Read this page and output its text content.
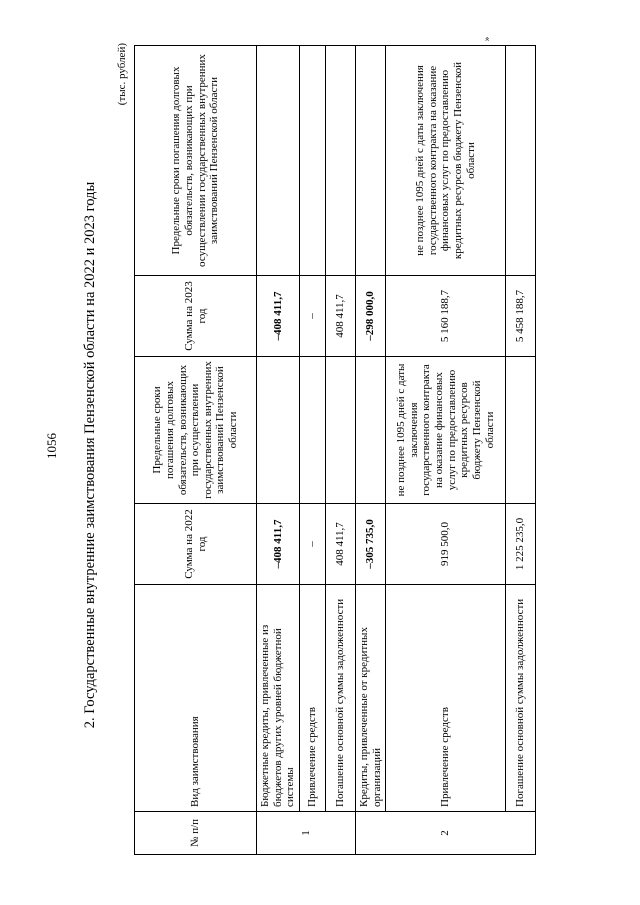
1056
»
2. Государственные внутренние заимствования Пензенской области на 2022 и 2023 годы
(тыс. рублей)
№ п/п	Вид заимствования	Сумма на 2022 год	Предельные сроки погашения долговых обязательств, возникающих при осуществлении государственных внутренних заимствований Пензенской области	Сумма на 2023 год	Предельные сроки погашения долговых обязательств, возникающих при осуществлении государственных внутренних заимствований Пензенской области
1	Бюджетные кредиты, привлеченные из бюджетов других уровней бюджетной системы	–408 411,7		–408 411,7	
	Привлечение средств	–		–	
	Погашение основной суммы задолженности	408 411,7		408 411,7	
2	Кредиты, привлеченные от кредитных организаций	–305 735,0		–298 000,0	
	Привлечение средств	919 500,0	не позднее 1095 дней с даты заключения государственного контракта на оказание финансовых услуг по предоставлению кредитных ресурсов бюджету Пензенской области	5 160 188,7	не позднее 1095 дней с даты заключения государственного контракта на оказание финансовых услуг по предоставлению кредитных ресурсов бюджету Пензенской области
	Погашение основной суммы задолженности	1 225 235,0		5 458 188,7	
